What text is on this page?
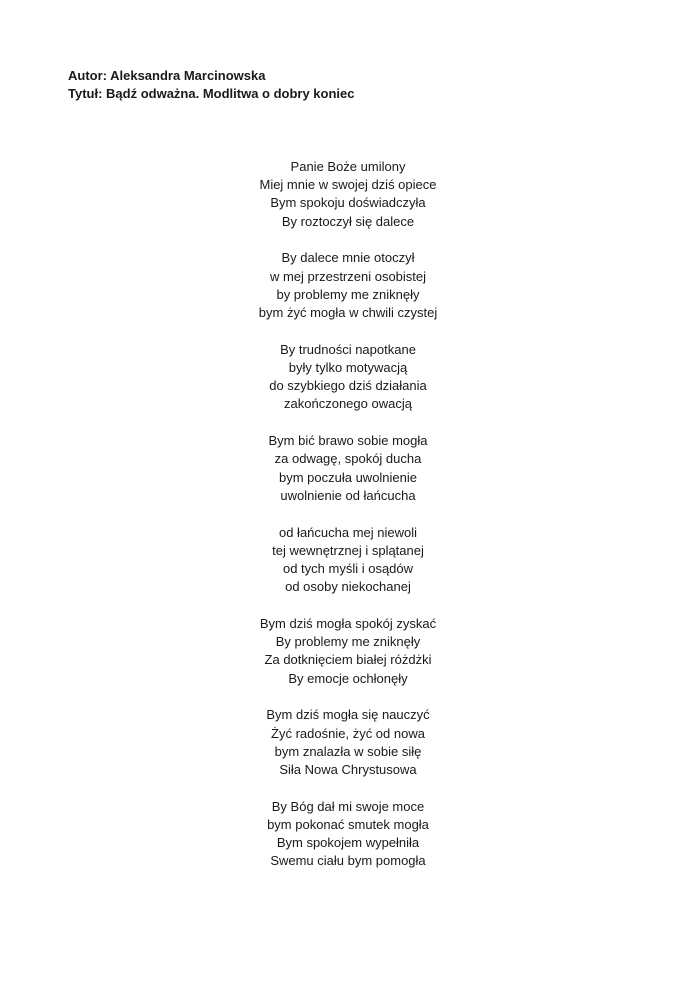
Autor: Aleksandra Marcinowska
Tytuł: Bądź odważna. Modlitwa o dobry koniec
Panie Boże umilony
Miej mnie w swojej dziś opiece
Bym spokoju doświadczyła
By roztoczył się dalece
By dalece mnie otoczył
w mej przestrzeni osobistej
by problemy me zniknęły
bym żyć mogła w chwili czystej
By trudności napotkane
były tylko motywacją
do szybkiego dziś działania
zakończonego owacją
Bym bić brawo sobie mogła
za odwagę, spokój ducha
bym poczuła uwolnienie
uwolnienie od łańcucha
od łańcucha mej niewoli
tej wewnętrznej i splątanej
od tych myśli i osądów
od osoby niekochanej
Bym dziś mogła spokój zyskać
By problemy me zniknęły
Za dotknięciem białej różdżki
By emocje ochłonęły
Bym dziś mogła się nauczyć
Żyć radośnie, żyć od nowa
bym znalazła w sobie siłę
Siła Nowa Chrystusowa
By Bóg dał mi swoje moce
bym pokonać smutek mogła
Bym spokojem wypełniła
Swemu ciału bym pomogła
